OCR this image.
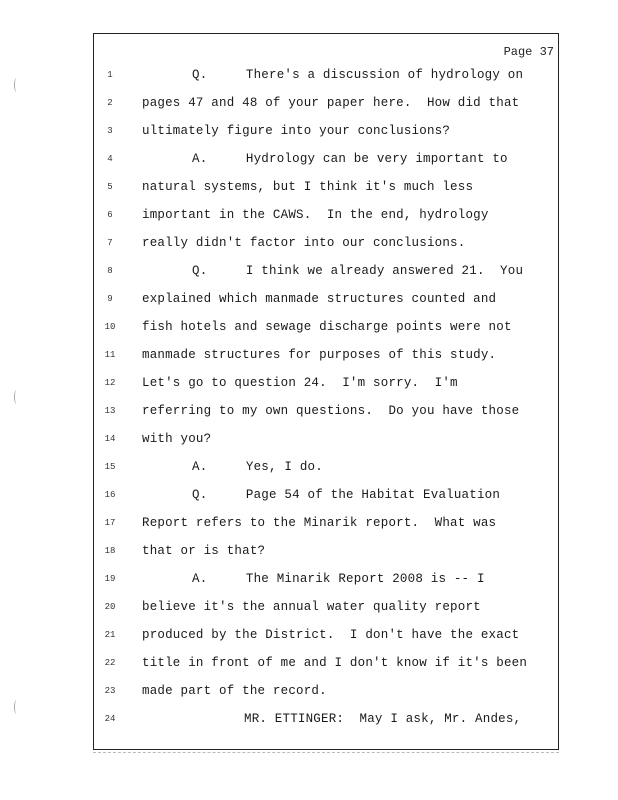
Page 37
1	Q.     There's a discussion of hydrology on
2	pages 47 and 48 of your paper here.  How did that
3	ultimately figure into your conclusions?
4	A.     Hydrology can be very important to
5	natural systems, but I think it's much less
6	important in the CAWS.  In the end, hydrology
7	really didn't factor into our conclusions.
8	Q.     I think we already answered 21.  You
9	explained which manmade structures counted and
10	fish hotels and sewage discharge points were not
11	manmade structures for purposes of this study.
12	Let's go to question 24.  I'm sorry.  I'm
13	referring to my own questions.  Do you have those
14	with you?
15	A.     Yes, I do.
16	Q.     Page 54 of the Habitat Evaluation
17	Report refers to the Minarik report.  What was
18	that or is that?
19	A.     The Minarik Report 2008 is -- I
20	believe it's the annual water quality report
21	produced by the District.  I don't have the exact
22	title in front of me and I don't know if it's been
23	made part of the record.
24	MR. ETTINGER:  May I ask, Mr. Andes,
